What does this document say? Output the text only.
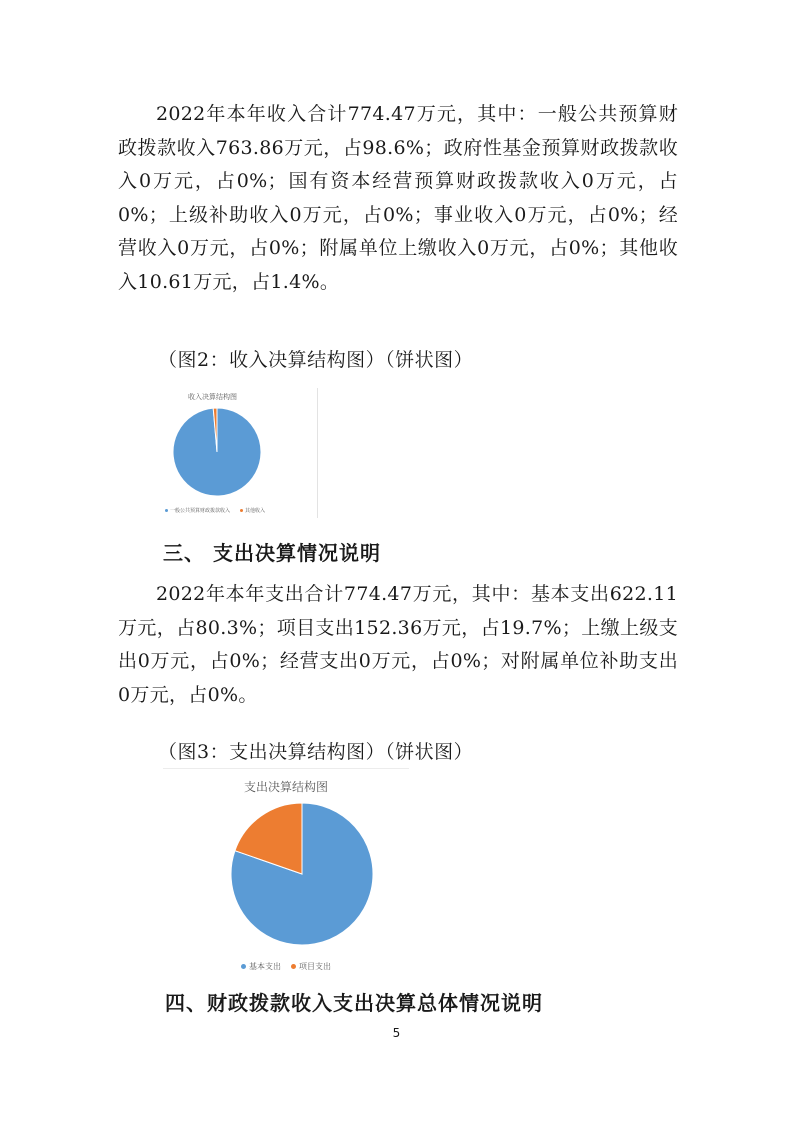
2022年本年收入合计774.47万元，其中：一般公共预算财政拨款收入763.86万元，占98.6%；政府性基金预算财政拨款收入0万元，占0%；国有资本经营预算财政拨款收入0万元，占0%；上级补助收入0万元，占0%；事业收入0万元，占0%；经营收入0万元，占0%；附属单位上缴收入0万元，占0%；其他收入10.61万元，占1.4%。

（图2：收入决算结构图）（饼状图）
收入决算结构图
一般公共预算财政拨款收入	其他收入
三、 支出决算情况说明

2022年本年支出合计774.47万元，其中：基本支出622.11万元，占80.3%；项目支出152.36万元，占19.7%；上缴上级支出0万元，占0%；经营支出0万元，占0%；对附属单位补助支出0万元，占0%。

（图3：支出决算结构图）（饼状图）
支出决算结构图
基本支出 项目支出
四、财政拨款收入支出决算总体情况说明
5
